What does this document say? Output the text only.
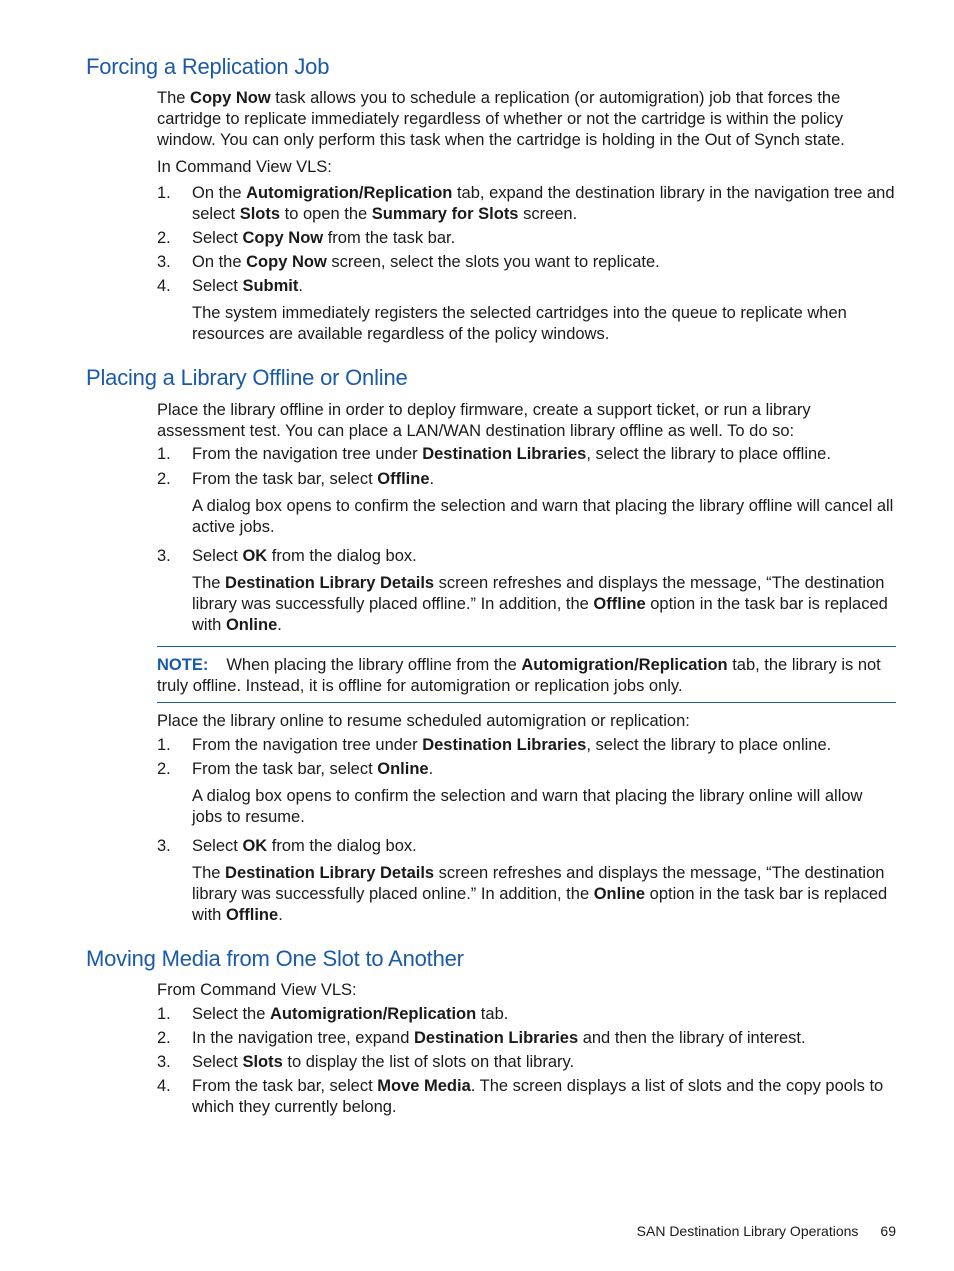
Forcing a Replication Job

The Copy Now task allows you to schedule a replication (or automigration) job that forces the cartridge to replicate immediately regardless of whether or not the cartridge is within the policy window. You can only perform this task when the cartridge is holding in the Out of Synch state.

In Command View VLS:

1.	On the Automigration/Replication tab, expand the destination library in the navigation tree and select Slots to open the Summary for Slots screen.
2.	Select Copy Now from the task bar.
3.	On the Copy Now screen, select the slots you want to replicate.
4.	Select Submit.
The system immediately registers the selected cartridges into the queue to replicate when resources are available regardless of the policy windows.
Placing a Library Offline or Online

Place the library offline in order to deploy firmware, create a support ticket, or run a library assessment test. You can place a LAN/WAN destination library offline as well. To do so:

1.	From the navigation tree under Destination Libraries, select the library to place offline.
2.	From the task bar, select Offline.
A dialog box opens to confirm the selection and warn that placing the library offline will cancel all active jobs.
3.	Select OK from the dialog box.
The Destination Library Details screen refreshes and displays the message, “The destination library was successfully placed offline.” In addition, the Offline option in the task bar is replaced with Online.
NOTE: When placing the library offline from the Automigration/Replication tab, the library is not truly offline. Instead, it is offline for automigration or replication jobs only.

Place the library online to resume scheduled automigration or replication:

1.	From the navigation tree under Destination Libraries, select the library to place online.
2.	From the task bar, select Online.
A dialog box opens to confirm the selection and warn that placing the library online will allow jobs to resume.
3.	Select OK from the dialog box.
The Destination Library Details screen refreshes and displays the message, “The destination library was successfully placed online.” In addition, the Online option in the task bar is replaced with Offline.
Moving Media from One Slot to Another

From Command View VLS:

1.	Select the Automigration/Replication tab.
2.	In the navigation tree, expand Destination Libraries and then the library of interest.
3.	Select Slots to display the list of slots on that library.
4.	From the task bar, select Move Media. The screen displays a list of slots and the copy pools to which they currently belong.
SAN Destination Library Operations 69
